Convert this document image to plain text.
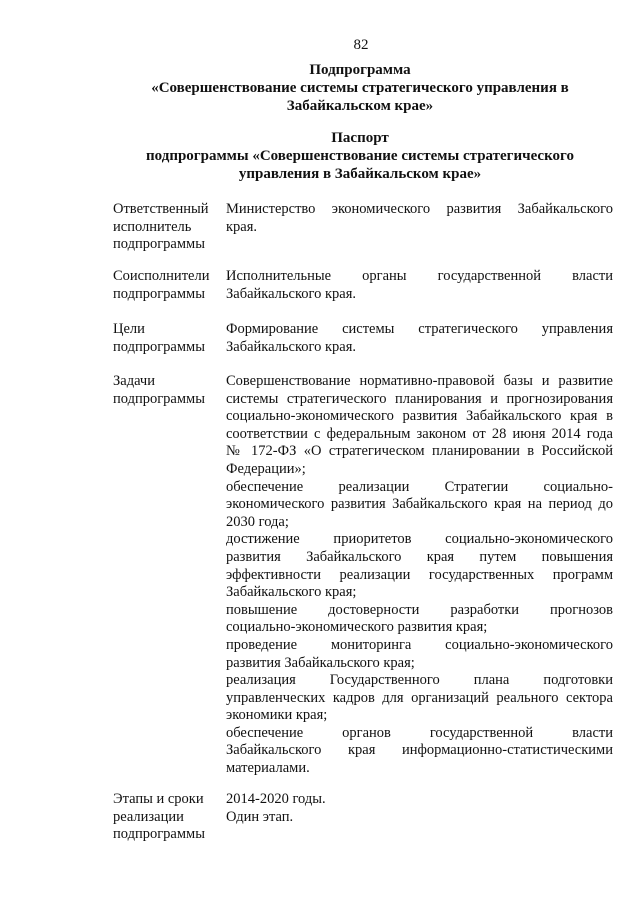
82
Подпрограмма
«Совершенствование системы стратегического управления в
Забайкальском крае»
Паспорт
подпрограммы «Совершенствование системы стратегического
управления в Забайкальском крае»
Ответственный
исполнитель
подпрограммы
Министерство экономического развития Забайкальского
края.
Соисполнители
подпрограммы
Исполнительные органы государственной власти
Забайкальского края.
Цели
подпрограммы
Формирование системы стратегического управления
Забайкальского края.
Задачи
подпрограммы
Совершенствование нормативно-правовой базы и развитие
системы стратегического планирования и прогнозирования
социально-экономического развития Забайкальского края в
соответствии с федеральным законом от 28 июня 2014 года
№ 172-ФЗ «О стратегическом планировании в Российской
Федерации»;
обеспечение реализации Стратегии социально-
экономического развития Забайкальского края на период до
2030 года;
достижение приоритетов социально-экономического
развития Забайкальского края путем повышения
эффективности реализации государственных программ
Забайкальского края;
повышение достоверности разработки прогнозов
социально-экономического развития края;
проведение мониторинга социально-экономического
развития Забайкальского края;
реализация Государственного плана подготовки
управленческих кадров для организаций реального сектора
экономики края;
обеспечение органов государственной власти
Забайкальского края информационно-статистическими
материалами.
Этапы и сроки
реализации
подпрограммы
2014-2020 годы.
Один этап.
